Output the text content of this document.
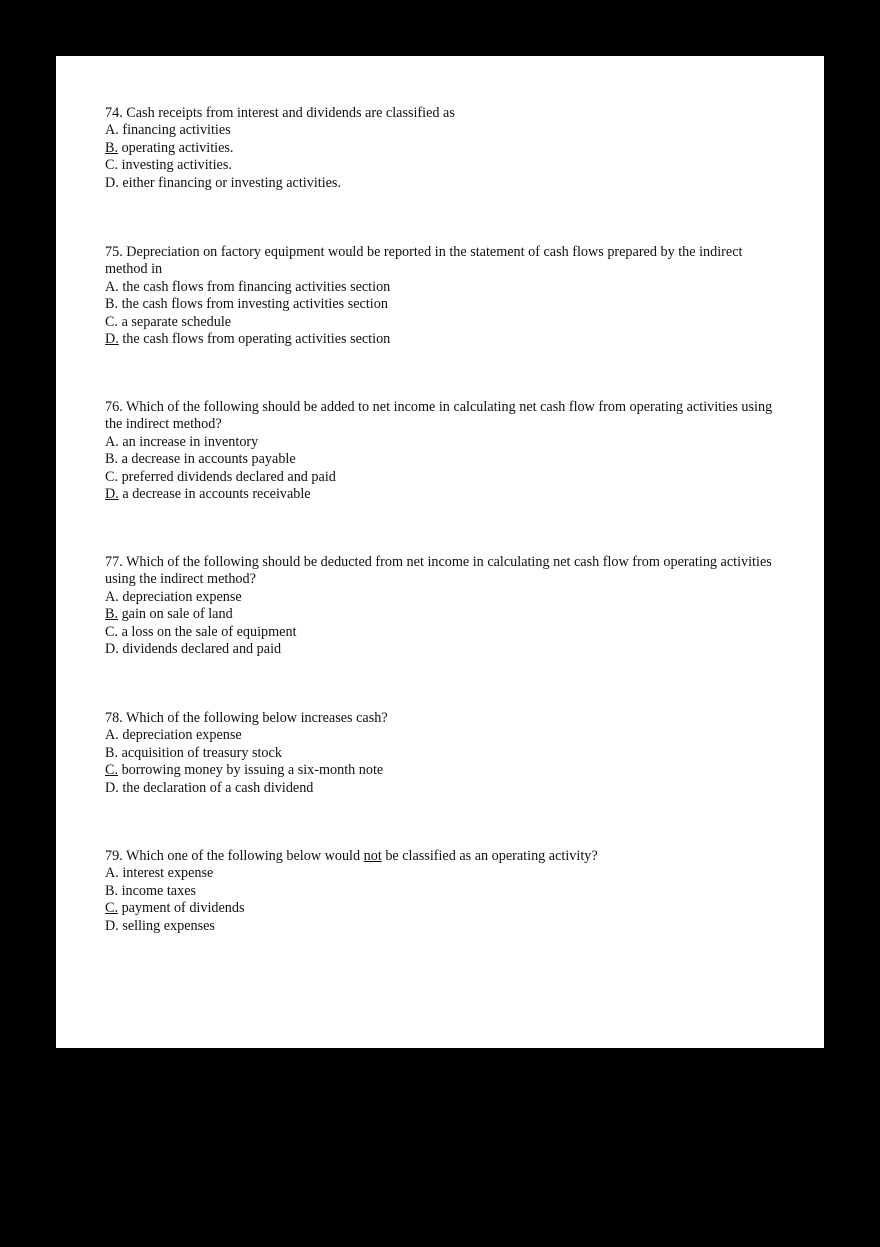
74. Cash receipts from interest and dividends are classified as

A. financing activities

B. operating activities.

C. investing activities.

D. either financing or investing activities.

75. Depreciation on factory equipment would be reported in the statement of cash flows prepared by the indirect method in

A. the cash flows from financing activities section

B. the cash flows from investing activities section

C. a separate schedule

D. the cash flows from operating activities section

76. Which of the following should be added to net income in calculating net cash flow from operating activities using the indirect method?

A. an increase in inventory

B. a decrease in accounts payable

C. preferred dividends declared and paid

D. a decrease in accounts receivable

77. Which of the following should be deducted from net income in calculating net cash flow from operating activities using the indirect method?

A. depreciation expense

B. gain on sale of land

C. a loss on the sale of equipment

D. dividends declared and paid

78. Which of the following below increases cash?

A. depreciation expense

B. acquisition of treasury stock

C. borrowing money by issuing a six-month note

D. the declaration of a cash dividend

79. Which one of the following below would not be classified as an operating activity?

A. interest expense

B. income taxes

C. payment of dividends

D. selling expenses
